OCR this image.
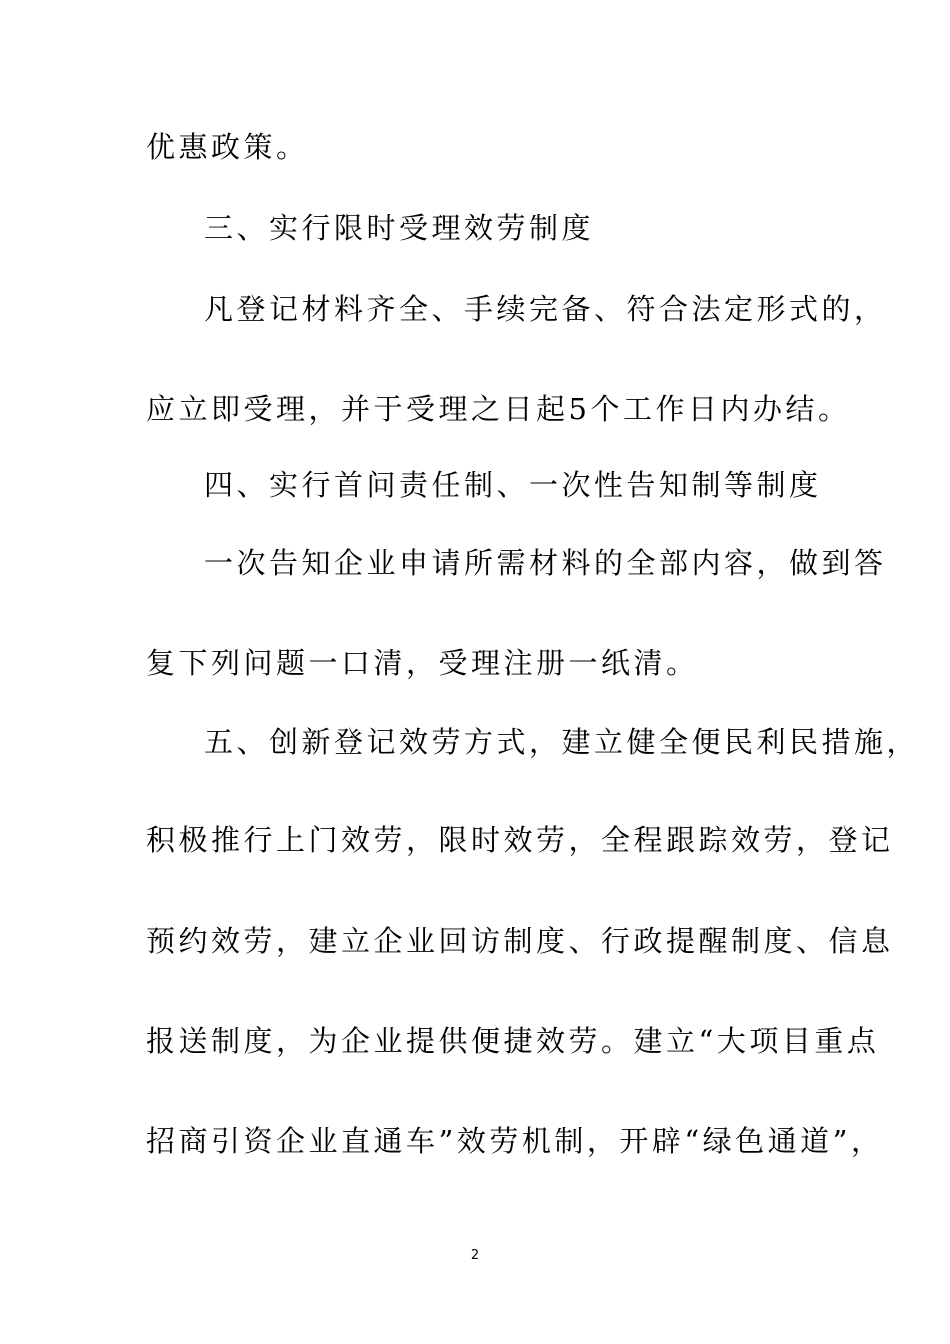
优惠政策。
三、实行限时受理效劳制度
凡登记材料齐全、手续完备、符合法定形式的，
应立即受理，并于受理之日起5个工作日内办结。
四、实行首问责任制、一次性告知制等制度
一次告知企业申请所需材料的全部内容，做到答
复下列问题一口清，受理注册一纸清。
五、创新登记效劳方式，建立健全便民利民措施，
积极推行上门效劳，限时效劳，全程跟踪效劳，登记
预约效劳，建立企业回访制度、行政提醒制度、信息
报送制度，为企业提供便捷效劳。建立“大项目重点
招商引资企业直通车”效劳机制，开辟“绿色通道”，
2
